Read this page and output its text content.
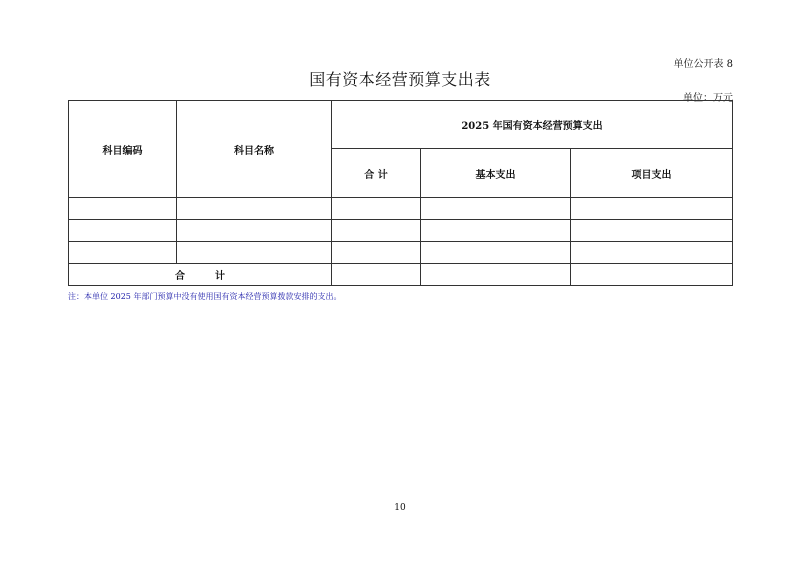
单位公开表 8
国有资本经营预算支出表
单位：万元
科目编码	科目名称	2025 年国有资本经营预算支出		
		合 计	基本支出	项目支出

合　　　计				
注：本单位 2025 年部门预算中没有使用国有资本经营预算拨款安排的支出。
10
